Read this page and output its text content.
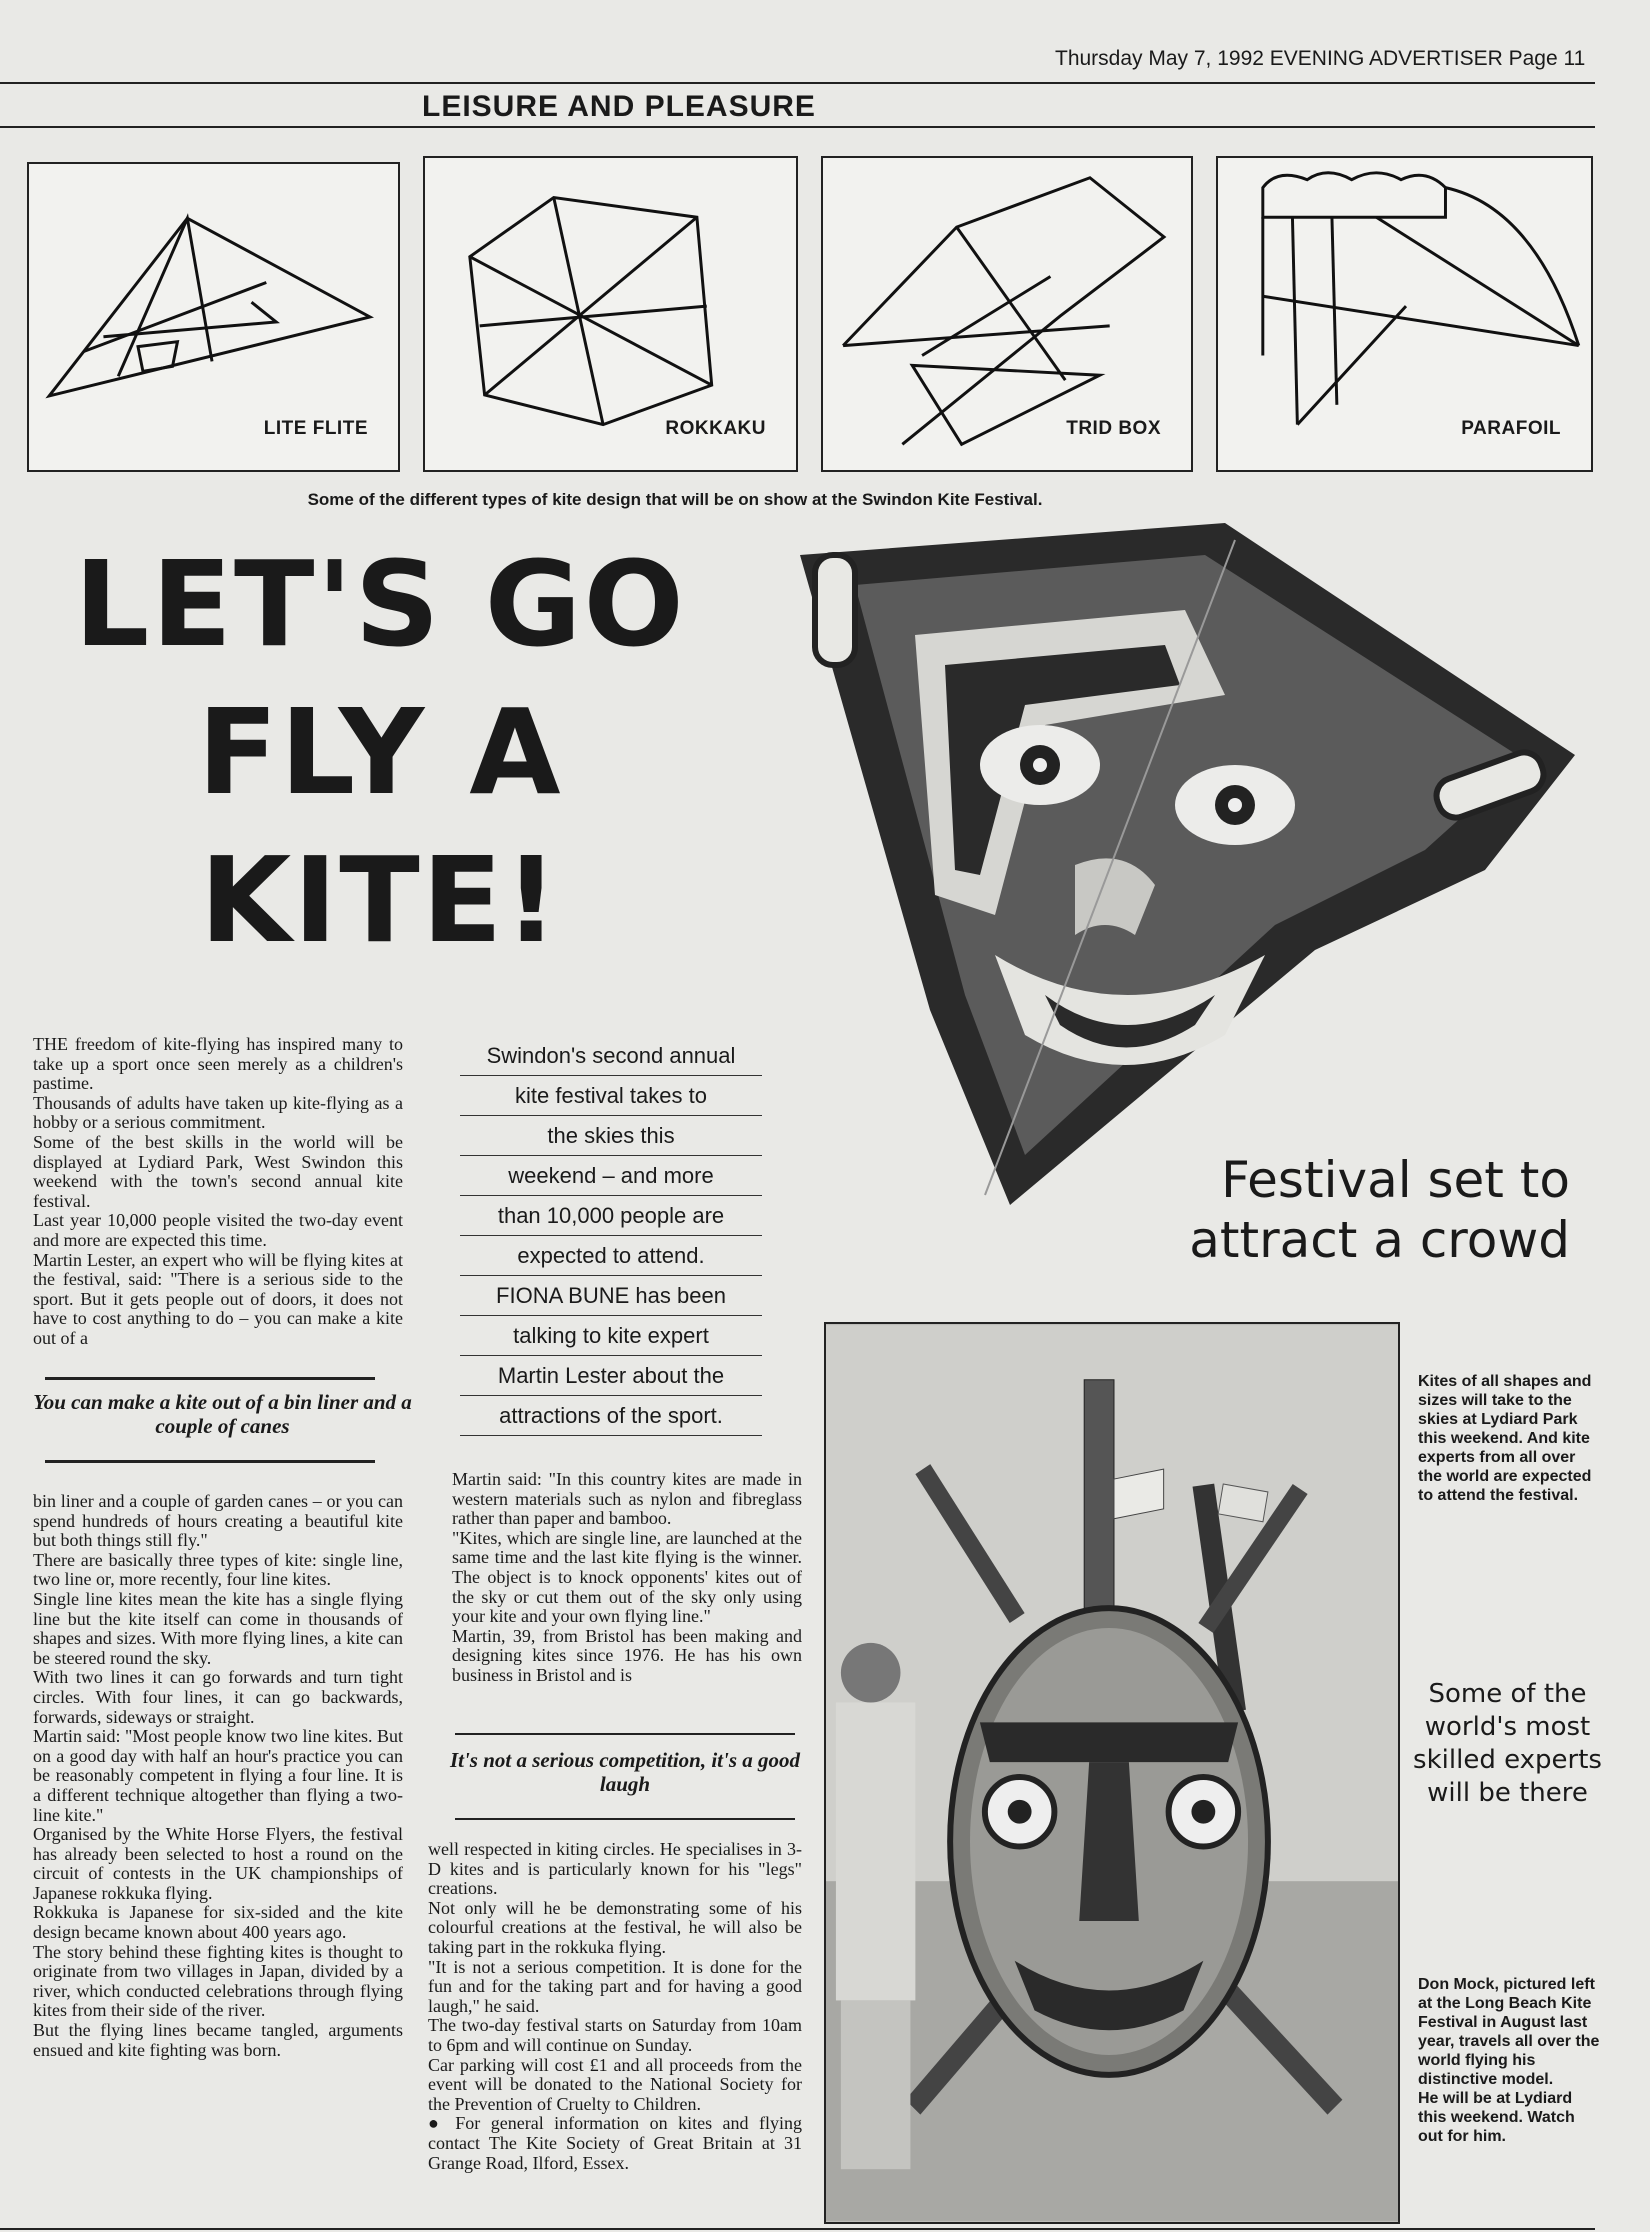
Thursday May 7, 1992 EVENING ADVERTISER Page 11
LEISURE AND PLEASURE
LITE FLITE	ROKKAKU	TRID BOX	PARAFOIL
Some of the different types of kite design that will be on show at the Swindon Kite Festival.
LET'S GO
FLY A
KITE!
THE freedom of kite-flying has inspired many to take up a sport once seen merely as a children's pastime.
Thousands of adults have taken up kite-flying as a hobby or a serious commitment.
Some of the best skills in the world will be displayed at Lydiard Park, West Swindon this weekend with the town's second annual kite festival.
Last year 10,000 people visited the two-day event and more are expected this time.
Martin Lester, an expert who will be flying kites at the festival, said: "There is a serious side to the sport. But it gets people out of doors, it does not have to cost anything to do – you can make a kite out of a
You can make a kite out of a bin liner and a couple of canes
bin liner and a couple of garden canes – or you can spend hundreds of hours creating a beautiful kite but both things still fly."
There are basically three types of kite: single line, two line or, more recently, four line kites.
Single line kites mean the kite has a single flying line but the kite itself can come in thousands of shapes and sizes. With more flying lines, a kite can be steered round the sky.
With two lines it can go forwards and turn tight circles. With four lines, it can go backwards, forwards, sideways or straight.
Martin said: "Most people know two line kites. But on a good day with half an hour's practice you can be reasonably competent in flying a four line. It is a different technique altogether than flying a two-line kite."
Organised by the White Horse Flyers, the festival has already been selected to host a round on the circuit of contests in the UK championships of Japanese rokkuka flying.
Rokkuka is Japanese for six-sided and the kite design became known about 400 years ago.
The story behind these fighting kites is thought to originate from two villages in Japan, divided by a river, which conducted celebrations through flying kites from their side of the river.
But the flying lines became tangled, arguments ensued and kite fighting was born.
Swindon's second annual
kite festival takes to
the skies this
weekend – and more
than 10,000 people are
expected to attend.
FIONA BUNE has been
talking to kite expert
Martin Lester about the
attractions of the sport.
Martin said: "In this country kites are made in western materials such as nylon and fibreglass rather than paper and bamboo.
"Kites, which are single line, are launched at the same time and the last kite flying is the winner. The object is to knock opponents' kites out of the sky or cut them out of the sky only using your kite and your own flying line."
Martin, 39, from Bristol has been making and designing kites since 1976. He has his own business in Bristol and is
It's not a serious competition, it's a good laugh
well respected in kiting circles. He specialises in 3-D kites and is particularly known for his "legs" creations.
Not only will he be demonstrating some of his colourful creations at the festival, he will also be taking part in the rokkuka flying.
"It is not a serious competition. It is done for the fun and for the taking part and for having a good laugh," he said.
The two-day festival starts on Saturday from 10am to 6pm and will continue on Sunday.
Car parking will cost £1 and all proceeds from the event will be donated to the National Society for the Prevention of Cruelty to Children.
● For general information on kites and flying contact The Kite Society of Great Britain at 31 Grange Road, Ilford, Essex.
Festival set to
attract a crowd
Kites of all shapes and sizes will take to the skies at Lydiard Park this weekend. And kite experts from all over the world are expected to attend the festival.
Some of the world's most skilled experts will be there
Don Mock, pictured left at the Long Beach Kite Festival in August last year, travels all over the world flying his distinctive model.
He will be at Lydiard this weekend. Watch out for him.
